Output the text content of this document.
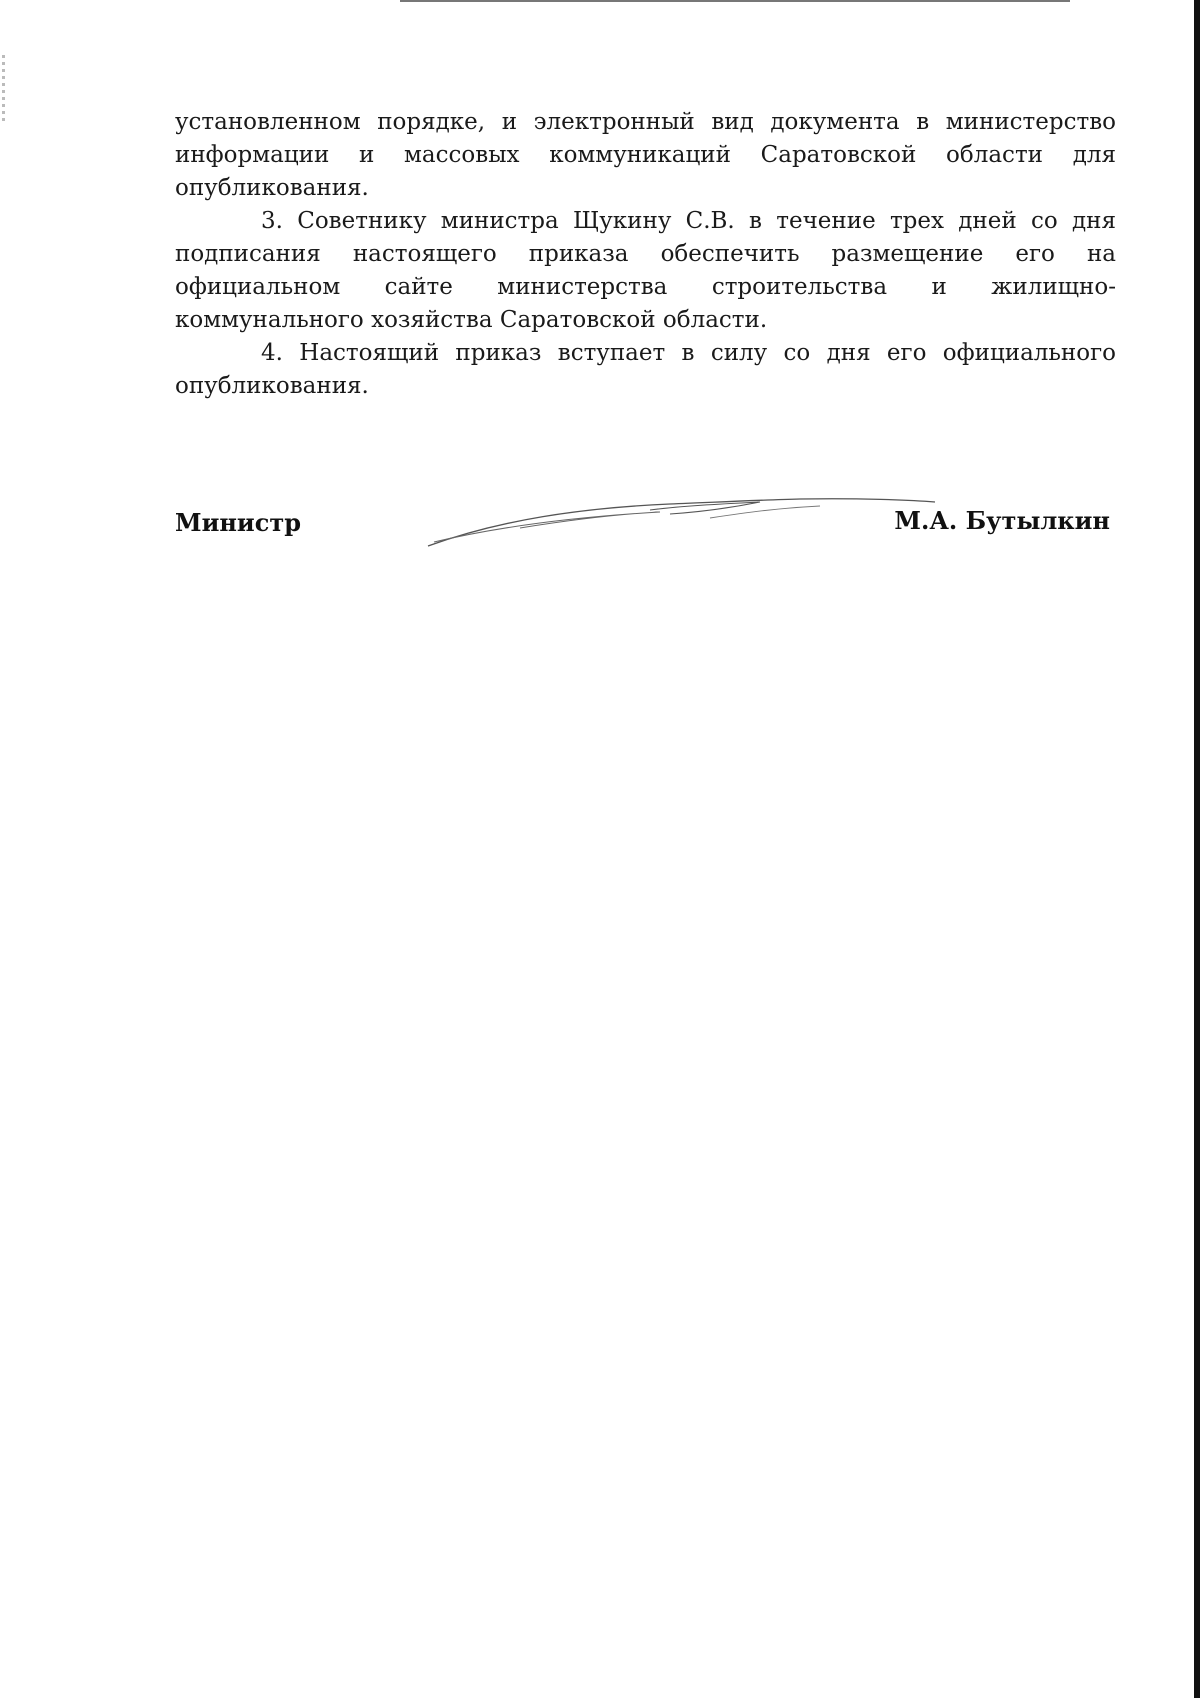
установленном порядке, и электронный вид документа в министерство информации и массовых коммуникаций Саратовской области для опубликования.

3. Советнику министра Щукину С.В. в течение трех дней со дня подписания настоящего приказа обеспечить размещение его на официальном сайте министерства строительства и жилищно-коммунального хозяйства Саратовской области.

4. Настоящий приказ вступает в силу со дня его официального опубликования.

Министр	М.А. Бутылкин
